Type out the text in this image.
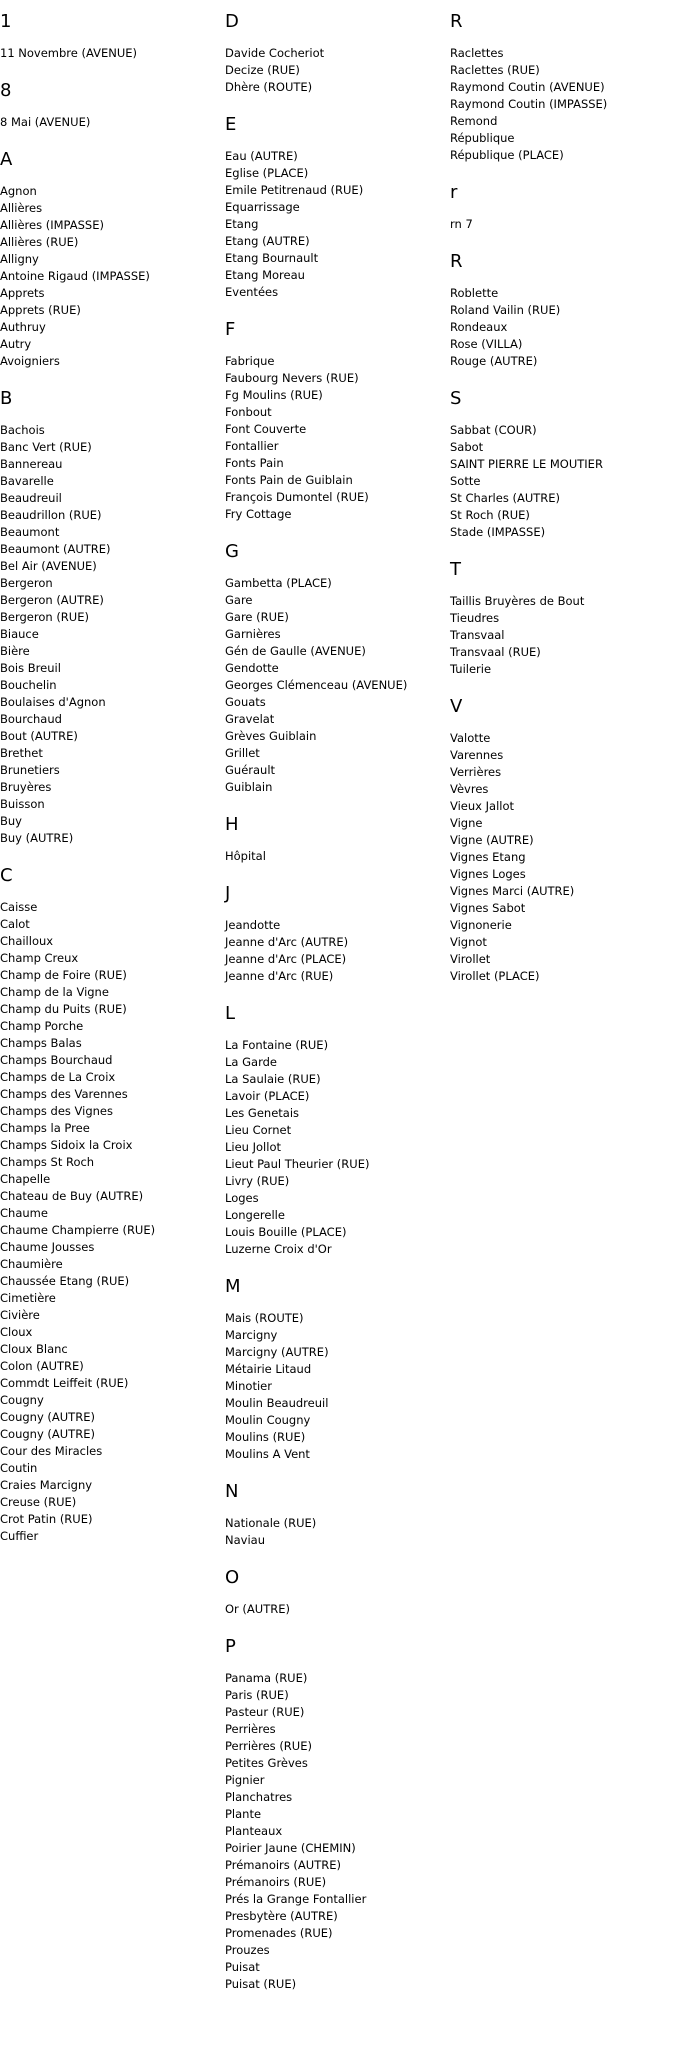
1
11 Novembre (AVENUE)
8
8 Mai (AVENUE)
A
Agnon
Allières
Allières (IMPASSE)
Allières (RUE)
Alligny
Antoine Rigaud (IMPASSE)
Apprets
Apprets (RUE)
Authruy
Autry
Avoigniers
B
Bachois
Banc Vert (RUE)
Bannereau
Bavarelle
Beaudreuil
Beaudrillon (RUE)
Beaumont
Beaumont (AUTRE)
Bel Air (AVENUE)
Bergeron
Bergeron (AUTRE)
Bergeron (RUE)
Biauce
Bière
Bois Breuil
Bouchelin
Boulaises d'Agnon
Bourchaud
Bout (AUTRE)
Brethet
Brunetiers
Bruyères
Buisson
Buy
Buy (AUTRE)
C
Caisse
Calot
Chailloux
Champ Creux
Champ de Foire (RUE)
Champ de la Vigne
Champ du Puits (RUE)
Champ Porche
Champs Balas
Champs Bourchaud
Champs de La Croix
Champs des Varennes
Champs des Vignes
Champs la Pree
Champs Sidoix la Croix
Champs St Roch
Chapelle
Chateau de Buy (AUTRE)
Chaume
Chaume Champierre (RUE)
Chaume Jousses
Chaumière
Chaussée Etang (RUE)
Cimetière
Civière
Cloux
Cloux Blanc
Colon (AUTRE)
Commdt Leiffeit (RUE)
Cougny
Cougny (AUTRE)
Cougny (AUTRE)
Cour des Miracles
Coutin
Craies Marcigny
Creuse (RUE)
Crot Patin (RUE)
Cuffier
D
Davide Cocheriot
Decize (RUE)
Dhère (ROUTE)
E
Eau (AUTRE)
Eglise (PLACE)
Emile Petitrenaud (RUE)
Equarrissage
Etang
Etang (AUTRE)
Etang Bournault
Etang Moreau
Eventées
F
Fabrique
Faubourg Nevers (RUE)
Fg Moulins (RUE)
Fonbout
Font Couverte
Fontallier
Fonts Pain
Fonts Pain de Guiblain
François Dumontel (RUE)
Fry Cottage
G
Gambetta (PLACE)
Gare
Gare (RUE)
Garnières
Gén de Gaulle (AVENUE)
Gendotte
Georges Clémenceau (AVENUE)
Gouats
Gravelat
Grèves Guiblain
Grillet
Guérault
Guiblain
H
Hôpital
J
Jeandotte
Jeanne d'Arc (AUTRE)
Jeanne d'Arc (PLACE)
Jeanne d'Arc (RUE)
L
La Fontaine (RUE)
La Garde
La Saulaie (RUE)
Lavoir (PLACE)
Les Genetais
Lieu Cornet
Lieu Jollot
Lieut Paul Theurier (RUE)
Livry (RUE)
Loges
Longerelle
Louis Bouille (PLACE)
Luzerne Croix d'Or
M
Mais (ROUTE)
Marcigny
Marcigny (AUTRE)
Métairie Litaud
Minotier
Moulin Beaudreuil
Moulin Cougny
Moulins (RUE)
Moulins A Vent
N
Nationale (RUE)
Naviau
O
Or (AUTRE)
P
Panama (RUE)
Paris (RUE)
Pasteur (RUE)
Perrières
Perrières (RUE)
Petites Grèves
Pignier
Planchatres
Plante
Planteaux
Poirier Jaune (CHEMIN)
Prémanoirs (AUTRE)
Prémanoirs (RUE)
Prés la Grange Fontallier
Presbytère (AUTRE)
Promenades (RUE)
Prouzes
Puisat
Puisat (RUE)
R
Raclettes
Raclettes (RUE)
Raymond Coutin (AVENUE)
Raymond Coutin (IMPASSE)
Remond
République
République (PLACE)
r
rn 7
R
Roblette
Roland Vailin (RUE)
Rondeaux
Rose (VILLA)
Rouge (AUTRE)
S
Sabbat (COUR)
Sabot
SAINT PIERRE LE MOUTIER
Sotte
St Charles (AUTRE)
St Roch (RUE)
Stade (IMPASSE)
T
Taillis Bruyères de Bout
Tieudres
Transvaal
Transvaal (RUE)
Tuilerie
V
Valotte
Varennes
Verrières
Vèvres
Vieux Jallot
Vigne
Vigne (AUTRE)
Vignes Etang
Vignes Loges
Vignes Marci (AUTRE)
Vignes Sabot
Vignonerie
Vignot
Virollet
Virollet (PLACE)
